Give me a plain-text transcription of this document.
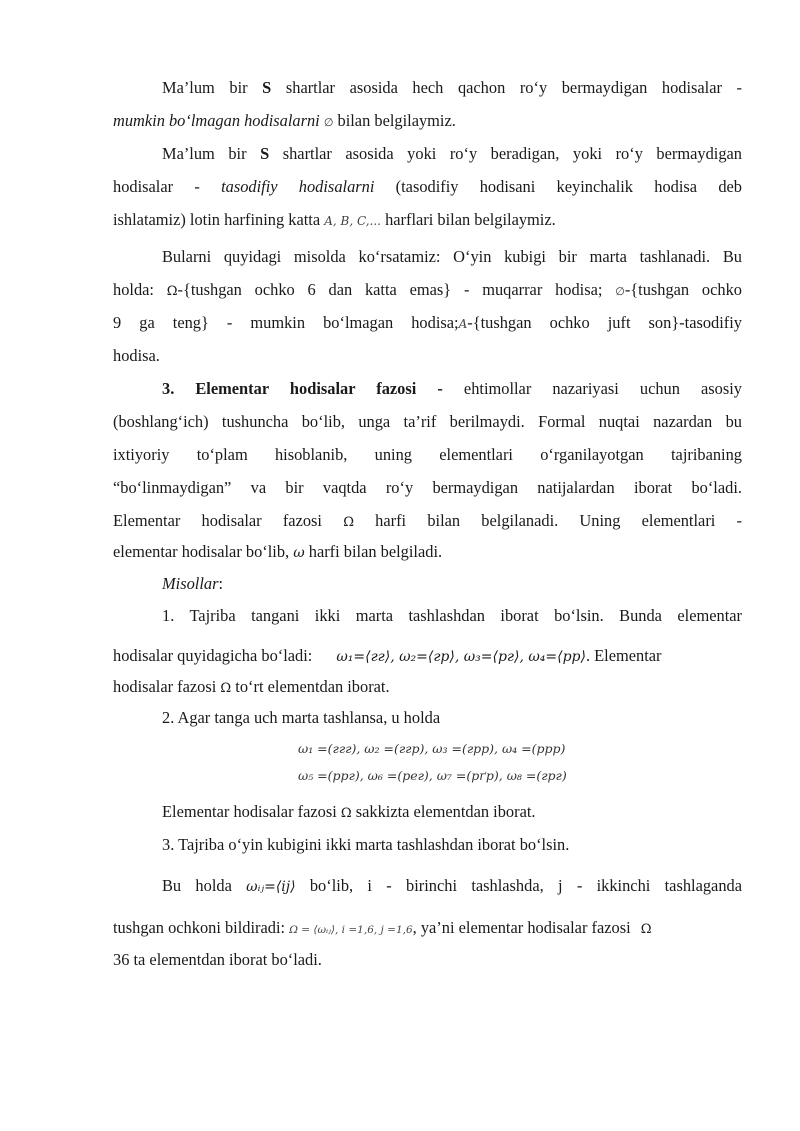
Ma’lum bir S shartlar asosida hech qachon ro‘y bermaydigan hodisalar -
mumkin bo‘lmagan hodisalarni ∅ bilan belgilaymiz.
Ma’lum bir S shartlar asosida yoki ro‘y beradigan, yoki ro‘y bermaydigan
hodisalar - tasodifiy hodisalarni (tasodifiy hodisani keyinchalik hodisa deb
ishlatamiz) lotin harfining katta A, B, C,... harflari bilan belgilaymiz.
Bularni quyidagi misolda ko‘rsatamiz: O‘yin kubigi bir marta tashlanadi. Bu
holda: Ω-{tushgan ochko 6 dan katta emas} - muqarrar hodisa; ∅-{tushgan ochko
9 ga teng} - mumkin bo‘lmagan hodisa;A-{tushgan ochko juft son}-tasodifiy
hodisa.
3. Elementar hodisalar fazosi - ehtimollar nazariyasi uchun asosiy
(boshlang‘ich) tushuncha bo‘lib, unga ta’rif berilmaydi. Formal nuqtai nazardan bu
ixtiyoriy to‘plam hisoblanib, uning elementlari o‘rganilayotgan tajribaning
“bo‘linmaydigan” va bir vaqtda ro‘y bermaydigan natijalardan iborat bo‘ladi.
Elementar hodisalar fazosi Ω harfi bilan belgilanadi. Uning elementlari -
elementar hodisalar bo‘lib, ω harfi bilan belgiladi.
Misollar:
1. Tajriba tangani ikki marta tashlashdan iborat bo‘lsin. Bunda elementar
hodisalar quyidagicha bo‘ladi: ω₁=⟨гг⟩, ω₂=⟨гр⟩, ω₃=⟨рг⟩, ω₄=⟨рр⟩. Elementar
hodisalar fazosi Ω to‘rt elementdan iborat.
2. Agar tanga uch marta tashlansa, u holda
ω₁ =(ггг), ω₂ =(ггр), ω₃ =(грр), ω₄ =(ррр)
ω₅ =(ррг), ω₆ =(рег), ω₇ =(рґр), ω₈ =(грг)
Elementar hodisalar fazosi Ω sakkizta elementdan iborat.
3. Tajriba o‘yin kubigini ikki marta tashlashdan iborat bo‘lsin.
Bu holda ωᵢⱼ=⟨ij⟩ bo‘lib, i - birinchi tashlashda, j - ikkinchi tashlaganda
tushgan ochkoni bildiradi: Ω = ⟨ωᵢⱼ⟩, i =1,6, j =1,6, ya’ni elementar hodisalar fazosi Ω
36 ta elementdan iborat bo‘ladi.
